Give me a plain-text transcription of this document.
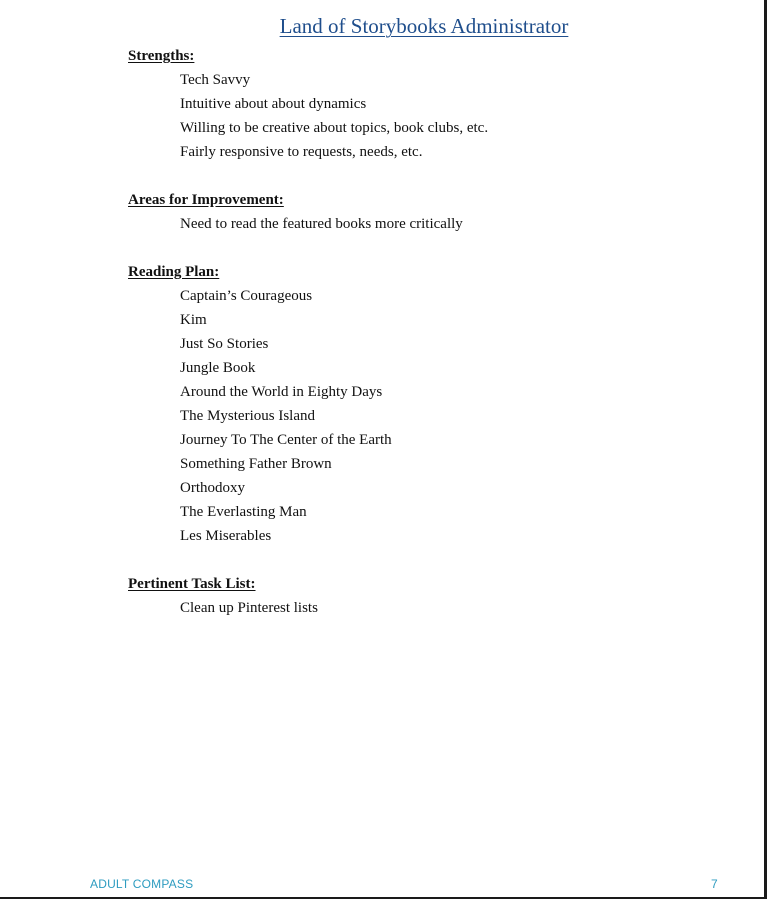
Land of Storybooks Administrator
Strengths:
Tech Savvy
Intuitive about about dynamics
Willing to be creative about topics, book clubs, etc.
Fairly responsive to requests, needs, etc.
Areas for Improvement:
Need to read the featured books more critically
Reading Plan:
Captain’s Courageous
Kim
Just So Stories
Jungle Book
Around the World in Eighty Days
The Mysterious Island
Journey To The Center of the Earth
Something Father Brown
Orthodoxy
The Everlasting Man
Les Miserables
Pertinent Task List:
Clean up Pinterest lists
ADULT COMPASS	7
